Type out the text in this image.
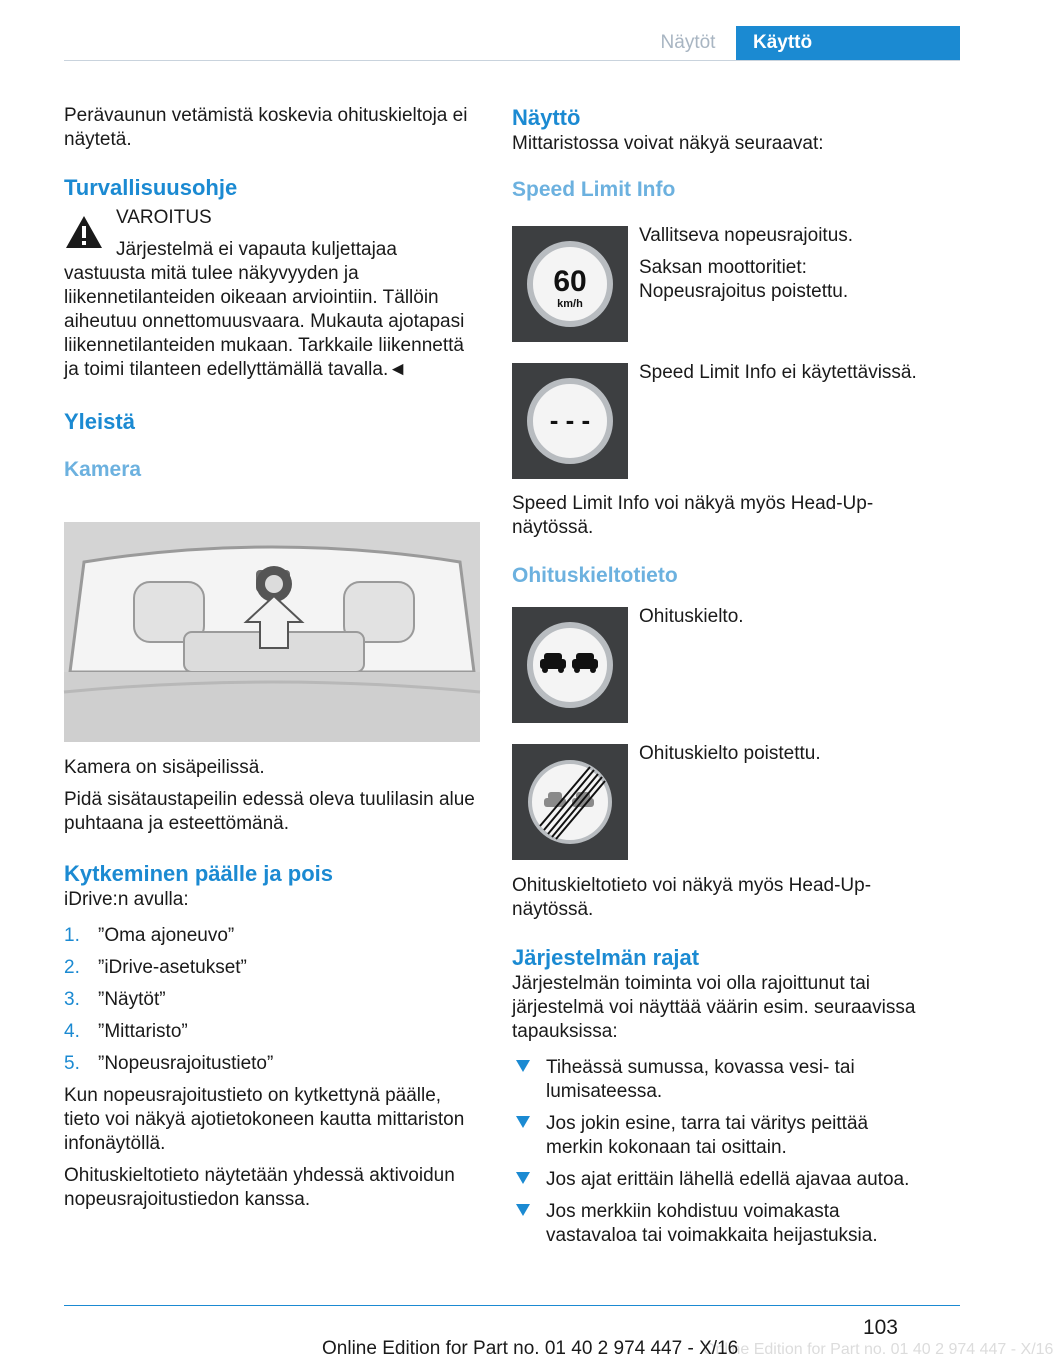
Näytöt	Käyttö

Perävaunun vetämistä koskevia ohituskieltoja ei näytetä.

Turvallisuusohje
VAROITUS
Järjestelmä ei vapauta kuljettajaa vastuusta mitä tulee näkyvyyden ja liikennetilanteiden oikeaan arviointiin. Tällöin aiheutuu onnettomuusvaara. Mukauta ajotapasi liikennetilanteiden mukaan. Tarkkaile liikennettä ja toimi tilanteen edellyttämällä tavalla.◄
Yleistä
Kamera

Kamera on sisäpeilissä.

Pidä sisätaustapeilin edessä oleva tuulilasin alue puhtaana ja esteettömänä.

Kytkeminen päälle ja pois

iDrive:n avulla:

1. ”Oma ajoneuvo”
2. ”iDrive-asetukset”
3. ”Näytöt”
4. ”Mittaristo”
5. ”Nopeusrajoitustieto”

Kun nopeusrajoitustieto on kytkettynä päälle, tieto voi näkyä ajotietokoneen kautta mittariston infonäytöllä.

Ohituskieltotieto näytetään yhdessä aktivoidun nopeusrajoitustiedon kanssa.

Näyttö

Mittaristossa voivat näkyä seuraavat:

Speed Limit Info
60
km/h

Vallitseva nopeusrajoitus.

Saksan moottoritiet: Nopeusrajoitus poistettu.

- - -

Speed Limit Info ei käytettävissä.

Speed Limit Info voi näkyä myös Head-Up-näytössä.

Ohituskieltotieto

Ohituskielto.

Ohituskielto poistettu.

Ohituskieltotieto voi näkyä myös Head-Up-näytössä.

Järjestelmän rajat

Järjestelmän toiminta voi olla rajoittunut tai järjestelmä voi näyttää väärin esim. seuraavissa tapauksissa:

Tiheässä sumussa, kovassa vesi- tai lumisateessa.
Jos jokin esine, tarra tai väritys peittää merkin kokonaan tai osittain.
Jos ajat erittäin lähellä edellä ajavaa autoa.
Jos merkkiin kohdistuu voimakasta vastavaloa tai voimakkaita heijastuksia.
103
Online Edition for Part no. 01 40 2 974 447 - X/16
Online Edition for Part no. 01 40 2 974 447 - X/16
